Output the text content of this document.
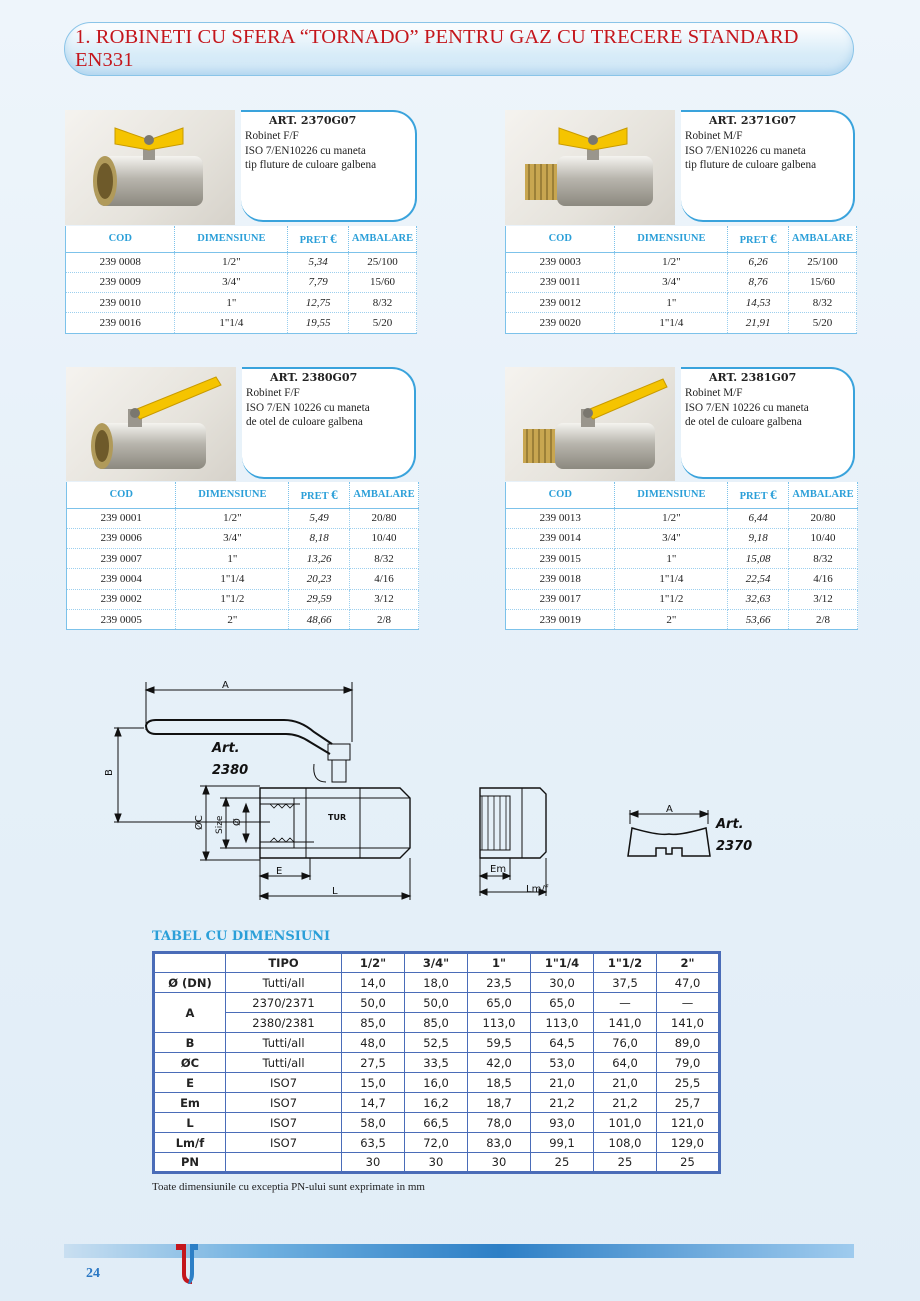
1. ROBINETI CU SFERA “TORNADO” PENTRU GAZ CU TRECERE STANDARD EN331
ART. 2370G07
Robinet F/F
ISO 7/EN10226 cu maneta
tip fluture de culoare galbena
COD	DIMENSIUNE	PRET €	AMBALARE
239 0008	1/2"	5,34	25/100
239 0009	3/4"	7,79	15/60
239 0010	1"	12,75	8/32
239 0016	1"1/4	19,55	5/20
ART. 2371G07
Robinet M/F
ISO 7/EN10226 cu maneta
tip fluture de culoare galbena
COD	DIMENSIUNE	PRET €	AMBALARE
239 0003	1/2"	6,26	25/100
239 0011	3/4"	8,76	15/60
239 0012	1"	14,53	8/32
239 0020	1"1/4	21,91	5/20
ART. 2380G07
Robinet F/F
ISO 7/EN 10226 cu maneta
de otel de culoare galbena
COD	DIMENSIUNE	PRET €	AMBALARE
239 0001	1/2"	5,49	20/80
239 0006	3/4"	8,18	10/40
239 0007	1"	13,26	8/32
239 0004	1"1/4	20,23	4/16
239 0002	1"1/2	29,59	3/12
239 0005	2"	48,66	2/8
ART. 2381G07
Robinet M/F
ISO 7/EN 10226 cu maneta
de otel de culoare galbena
COD	DIMENSIUNE	PRET €	AMBALARE
239 0013	1/2"	6,44	20/80
239 0014	3/4"	9,18	10/40
239 0015	1"	15,08	8/32
239 0018	1"1/4	22,54	4/16
239 0017	1"1/2	32,63	3/12
239 0019	2"	53,66	2/8
A
B
ØC Size Ø
E
L
Em
Lm/f
A
TUR
Art.
2380
Art.
2370
TABEL CU DIMENSIUNI
	TIPO	1/2"	3/4"	1"	1"1/4	1"1/2	2"
Ø (DN)	Tutti/all	14,0	18,0	23,5	30,0	37,5	47,0
A	2370/2371	50,0	50,0	65,0	65,0	—	—
	2380/2381	85,0	85,0	113,0	113,0	141,0	141,0
B	Tutti/all	48,0	52,5	59,5	64,5	76,0	89,0
ØC	Tutti/all	27,5	33,5	42,0	53,0	64,0	79,0
E	ISO7	15,0	16,0	18,5	21,0	21,0	25,5
Em	ISO7	14,7	16,2	18,7	21,2	21,2	25,7
L	ISO7	58,0	66,5	78,0	93,0	101,0	121,0
Lm/f	ISO7	63,5	72,0	83,0	99,1	108,0	129,0
PN		30	30	30	25	25	25
Toate dimensiunile cu exceptia PN-ului sunt exprimate in mm
24
